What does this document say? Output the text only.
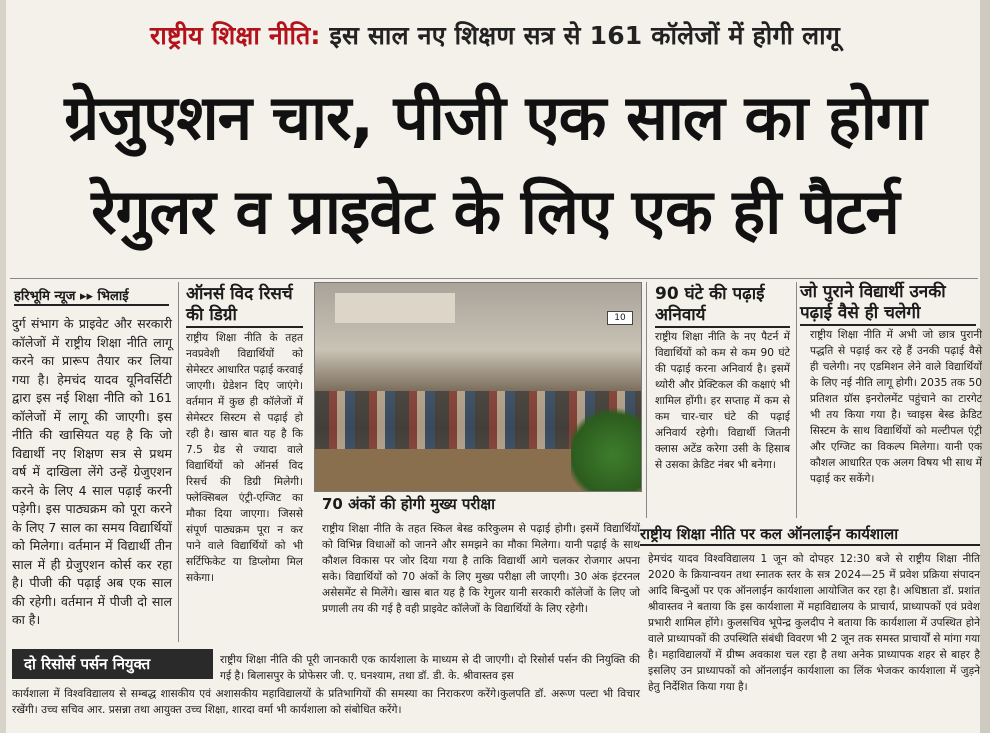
राष्ट्रीय शिक्षा नीति: इस साल नए शिक्षण सत्र से 161 कॉलेजों में होगी लागू
ग्रेजुएशन चार, पीजी एक साल का होगा
रेगुलर व प्राइवेट के लिए एक ही पैटर्न
हरिभूमि न्यूज ▸▸ भिलाई
दुर्ग संभाग के प्राइवेट और सरकारी कॉलेजों में राष्ट्रीय शिक्षा नीति लागू करने का प्रारूप तैयार कर लिया गया है। हेमचंद यादव यूनिवर्सिटी द्वारा इस नई शिक्षा नीति को 161 कॉलेजों में लागू की जाएगी। इस नीति की खासियत यह है कि जो विद्यार्थी नए शिक्षण सत्र से प्रथम वर्ष में दाखिला लेंगे उन्हें ग्रेजुएशन करने के लिए 4 साल पढ़ाई करनी पड़ेगी। इस पाठ्यक्रम को पूरा करने के लिए 7 साल का समय विद्यार्थियों को मिलेगा। वर्तमान में विद्यार्थी तीन साल में ही ग्रेजुएशन कोर्स कर रहा है। पीजी की पढ़ाई अब एक साल की रहेगी। वर्तमान में पीजी दो साल का है।
ऑनर्स विद रिसर्च की डिग्री
राष्ट्रीय शिक्षा नीति के तहत नवप्रवेशी विद्यार्थियों को सेमेस्टर आधारित पढ़ाई करवाई जाएगी। ग्रेडेशन दिए जाएंगे। वर्तमान में कुछ ही कॉलेजों में सेमेस्टर सिस्टम से पढ़ाई हो रही है। खास बात यह है कि 7.5 ग्रेड से ज्यादा वाले विद्यार्थियों को ऑनर्स विद रिसर्च की डिग्री मिलेगी। फ्लेक्सिबल एंट्री-एग्जिट का मौका दिया जाएगा। जिससे संपूर्ण पाठ्यक्रम पूरा न कर पाने वाले विद्यार्थियों को भी सर्टिफिकेट या डिप्लोमा मिल सकेगा।
10
70 अंकों की होगी मुख्य परीक्षा
राष्ट्रीय शिक्षा नीति के तहत स्किल बेस्ड करिकुलम से पढ़ाई होगी। इसमें विद्यार्थियों को विभिन्न विधाओं को जानने और समझने का मौका मिलेगा। यानी पढ़ाई के साथ कौशल विकास पर जोर दिया गया है ताकि विद्यार्थी आगे चलकर रोजगार अपना सके। विद्यार्थियों को 70 अंकों के लिए मुख्य परीक्षा ली जाएगी। 30 अंक इंटरनल असेसमेंट से मिलेंगे। खास बात यह है कि रेगुलर यानी सरकारी कॉलेजों के लिए जो प्रणाली तय की गई है वही प्राइवेट कॉलेजों के विद्यार्थियों के लिए रहेगी।
90 घंटे की पढ़ाई अनिवार्य
राष्ट्रीय शिक्षा नीति के नए पैटर्न में विद्यार्थियों को कम से कम 90 घंटे की पढ़ाई करना अनिवार्य है। इसमें थ्योरी और प्रेक्टिकल की कक्षाएं भी शामिल होंगी। हर सप्ताह में कम से कम चार-चार घंटे की पढ़ाई अनिवार्य रहेगी। विद्यार्थी जितनी क्लास अटेंड करेगा उसी के हिसाब से उसका क्रेडिट नंबर भी बनेगा।
जो पुराने विद्यार्थी उनकी पढ़ाई वैसे ही चलेगी
राष्ट्रीय शिक्षा नीति में अभी जो छात्र पुरानी पद्धति से पढ़ाई कर रहे हैं उनकी पढ़ाई वैसे ही चलेगी। नए एडमिशन लेने वाले विद्यार्थियों के लिए नई नीति लागू होगी। 2035 तक 50 प्रतिशत ग्रॉस इनरोलमेंट पहुंचाने का टारगेट भी तय किया गया है। च्वाइस बेस्ड क्रेडिट सिस्टम के साथ विद्यार्थियों को मल्टीपल एंट्री और एग्जिट का विकल्प मिलेगा। यानी एक कौशल आधारित एक अलग विषय भी साथ में पढ़ाई कर सकेंगे।
राष्ट्रीय शिक्षा नीति पर कल ऑनलाईन कार्यशाला
हेमचंद यादव विश्वविद्यालय 1 जून को दोपहर 12:30 बजे से राष्ट्रीय शिक्षा नीति 2020 के क्रियान्वयन तथा स्नातक स्तर के सत्र 2024—25 में प्रवेश प्रक्रिया संपादन आदि बिन्दुओं पर एक ऑनलाईन कार्यशाला आयोजित कर रहा है। अधिष्ठाता डॉ. प्रशांत श्रीवास्तव ने बताया कि इस कार्यशाला में महाविद्यालय के प्राचार्य, प्राध्यापकों एवं प्रवेश प्रभारी शामिल होंगे। कुलसचिव भूपेन्द्र कुलदीप ने बताया कि कार्यशाला में उपस्थित होने वाले प्राध्यापकों की उपस्थिति संबंधी विवरण भी 2 जून तक समस्त प्राचार्यों से मांगा गया है। महाविद्यालयों में ग्रीष्म अवकाश चल रहा है तथा अनेक प्राध्यापक शहर से बाहर है इसलिए उन प्राध्यापकों को ऑनलाईन कार्यशाला का लिंक भेजकर कार्यशाला में जुड़ने हेतु निर्देशित किया गया है।
दो रिसोर्स पर्सन नियुक्त	राष्ट्रीय शिक्षा नीति की पूरी जानकारी एक कार्यशाला के माध्यम से दी जाएगी। दो रिसोर्स पर्सन की नियुक्ति की गई है। बिलासपुर के प्रोफेसर जी. ए. घनश्याम, तथा डॉ. डी. के. श्रीवास्तव इस
कार्यशाला में विश्वविद्यालय से सम्बद्ध शासकीय एवं अशासकीय महाविद्यालयों के प्रतिभागियों की समस्या का निराकरण करेंगे।कुलपति डॉ. अरूण पल्टा भी विचार रखेंगी। उच्च सचिव आर. प्रसन्ना तथा आयुक्त उच्च शिक्षा, शारदा वर्मा भी कार्यशाला को संबोधित करेंगे।
